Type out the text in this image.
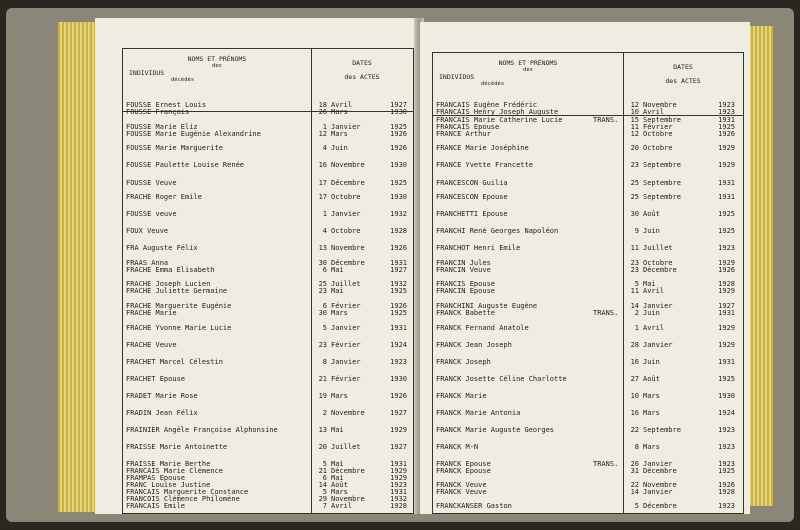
NOMS ET PRÉNOMS
des
INDIVIDUS
décédés
DATES
des ACTES
FOUSSE Ernest Louis	18 Avril	1927
FOUSSE François	26 Mars	1930
FOUSSE Marie Eliz	1 Janvier	1925
FOUSSE Marie Eugénie Alexandrine	12 Mars	1926
FOUSSE Marie Marguerite	4 Juin	1926
FOUSSE Paulette Louise Renée	16 Novembre	1930
FOUSSE Veuve	17 Décembre	1925
FRACHE Roger Emile	17 Octobre	1930
FOUSSE veuve	1 Janvier	1932
FOUX Veuve	4 Octobre	1928
FRA Auguste Félix	13 Novembre	1926
FRAAS Anna	30 Décembre	1931
FRACHE Emma Elisabeth	6 Mai	1927
FRACHE Joseph Lucien	25 Juillet	1932
FRACHE Juliette Germaine	23 Mai	1925
FRACHE Marguerite Eugénie	6 Février	1926
FRACHE Marie	30 Mars	1925
FRACHE Yvonne Marie Lucie	5 Janvier	1931
FRACHE Veuve	23 Février	1924
FRACHET Marcel Célestin	8 Janvier	1923
FRACHET Epouse	21 Février	1930
FRADET Marie Rose	19 Mars	1926
FRADIN Jean Félix	2 Novembre	1927
FRAINIER Angèle Françoise Alphonsine	13 Mai	1929
FRAISSE Marie Antoinette	20 Juillet	1927
FRAISSE Marie Berthe	5 Mai	1931
FRANCAIS Marie Clémence	21 Décembre	1929
FRAMPAS Epouse	6 Mai	1929
FRANC Louise Justine	14 Août	1923
FRANCAIS Marguerite Constance	5 Mars	1931
FRANCOIS Clémence Philomène	29 Novembre	1932
FRANCAIS Emile	7 Avril	1928
NOMS ET PRÉNOMS
des
INDIVIDUS
décédés
DATES
des ACTES
FRANCAIS Eugène Frédéric	12 Novembre	1923
FRANCAIS Henry Joseph Auguste	10 Avril	1923
FRANCAIS Marie Catherine Lucie	TRANS.	15 Septembre	1931
FRANCAIS Epouse	11 Février	1925
FRANCE Arthur	12 Octobre	1926
FRANCE Marie Joséphine	20 Octobre	1929
FRANCE Yvette Francette	23 Septembre	1929
FRANCESCON Guilia	25 Septembre	1931
FRANCESCON Epouse	25 Septembre	1931
FRANCHETTI Epouse	30 Août	1925
FRANCHI René Georges Napoléon	9 Juin	1925
FRANCHOT Henri Emile	11 Juillet	1923
FRANCIN Jules	23 Octobre	1929
FRANCIN Veuve	23 Décembre	1926
FRANCIS Epouse	5 Mai	1928
FRANCIN Epouse	11 Avril	1929
FRANCHINI Auguste Eugène	14 Janvier	1927
FRANCK Babette	TRANS.	2 Juin	1931
FRANCK Fernand Anatole	1 Avril	1929
FRANCK Jean Joseph	28 Janvier	1929
FRANCK Joseph	16 Juin	1931
FRANCK Josette Céline Charlotte	27 Août	1925
FRANCK Marie	10 Mars	1930
FRANCK Marie Antonia	16 Mars	1924
FRANCK Marie Auguste Georges	22 Septembre	1923
FRANCK M-N	8 Mars	1923
FRANCK Epouse	TRANS.	26 Janvier	1923
FRANCK Epouse	31 Décembre	1925
FRANCK Veuve	22 Novembre	1926
FRANCK Veuve	14 Janvier	1928
FRANCKANSER Gaston	5 Décembre	1923
